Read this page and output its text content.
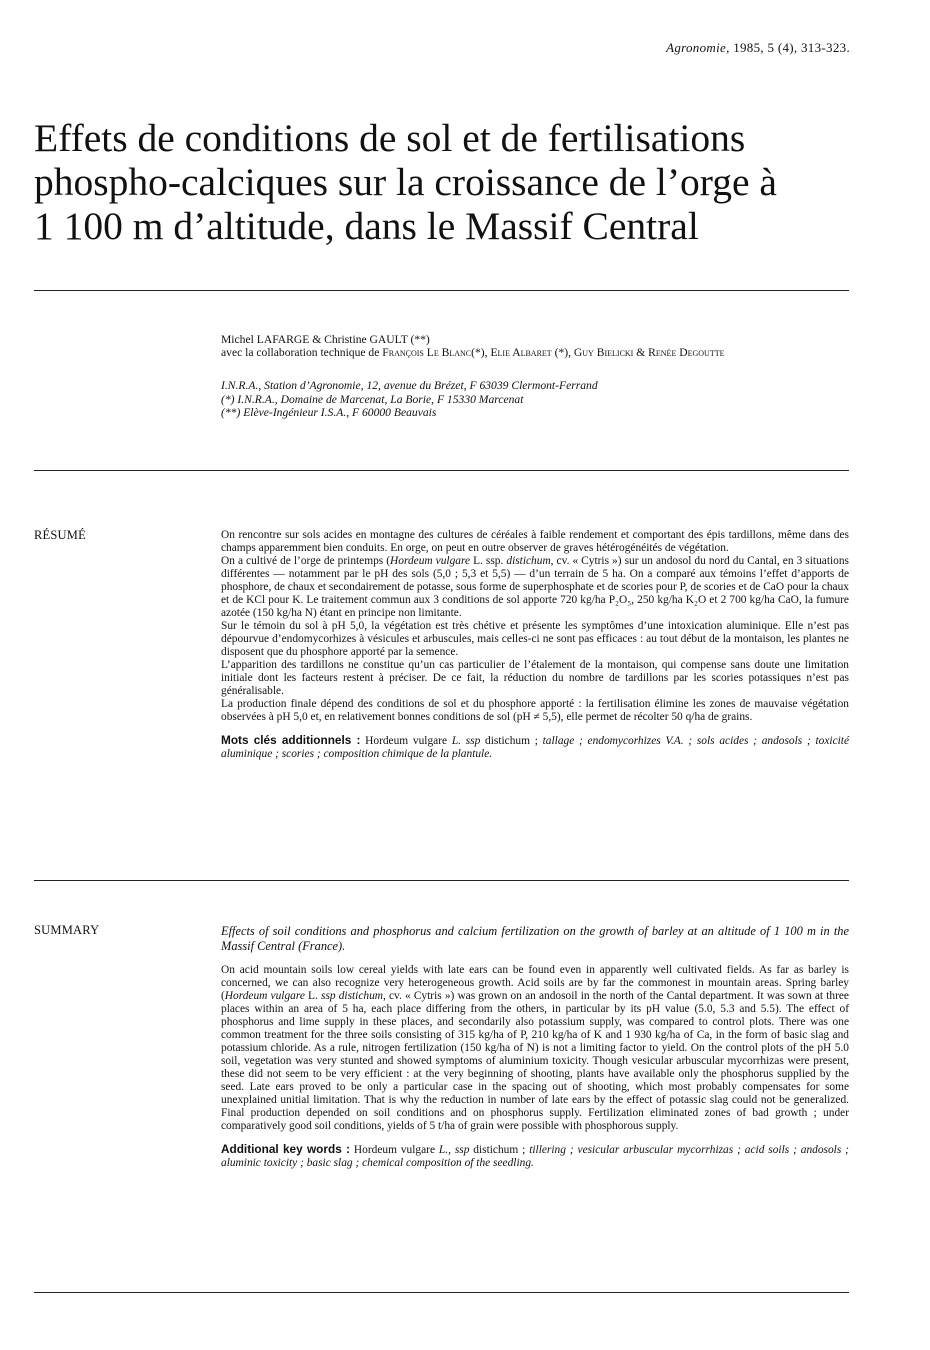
Agronomie, 1985, 5 (4), 313-323.
Effets de conditions de sol et de fertilisations
phospho-calciques sur la croissance de l’orge à
1 100 m d’altitude, dans le Massif Central
Michel LAFARGE & Christine GAULT (**)
avec la collaboration technique de François Le Blanc(*), Elie Albaret (*), Guy Bielicki & Renée Degoutte
I.N.R.A., Station d’Agronomie, 12, avenue du Brézet, F 63039 Clermont-Ferrand
(*) I.N.R.A., Domaine de Marcenat, La Borie, F 15330 Marcenat
(**) Elève-Ingénieur I.S.A., F 60000 Beauvais
RÉSUMÉ	On rencontre sur sols acides en montagne des cultures de céréales à faible rendement et comportant des épis tardillons, même dans des champs apparemment bien conduits. En orge, on peut en outre observer de graves hétérogénéités de végétation.

On a cultivé de l’orge de printemps (Hordeum vulgare L. ssp. distichum, cv. « Cytris ») sur un andosol du nord du Cantal, en 3 situations différentes — notamment par le pH des sols (5,0 ; 5,3 et 5,5) — d’un terrain de 5 ha. On a comparé aux témoins l’effet d’apports de phosphore, de chaux et secondairement de potasse, sous forme de superphosphate et de scories pour P, de scories et de CaO pour la chaux et de KCl pour K. Le traitement commun aux 3 conditions de sol apporte 720 kg/ha P₂O₅, 250 kg/ha K₂O et 2 700 kg/ha CaO, la fumure azotée (150 kg/ha N) étant en principe non limitante.

Sur le témoin du sol à pH 5,0, la végétation est très chétive et présente les symptômes d’une intoxication aluminique. Elle n’est pas dépourvue d’endomycorhizes à vésicules et arbuscules, mais celles-ci ne sont pas efficaces : au tout début de la montaison, les plantes ne disposent que du phosphore apporté par la semence.

L’apparition des tardillons ne constitue qu’un cas particulier de l’étalement de la montaison, qui compense sans doute une limitation initiale dont les facteurs restent à préciser. De ce fait, la réduction du nombre de tardillons par les scories potassiques n’est pas généralisable.

La production finale dépend des conditions de sol et du phosphore apporté : la fertilisation élimine les zones de mauvaise végétation observées à pH 5,0 et, en relativement bonnes conditions de sol (pH ≠ 5,5), elle permet de récolter 50 q/ha de grains.

Mots clés additionnels : Hordeum vulgare L. ssp distichum ; tallage ; endomycorhizes V.A. ; sols acides ; andosols ; toxicité aluminique ; scories ; composition chimique de la plantule.

SUMMARY	Effects of soil conditions and phosphorus and calcium fertilization on the growth of barley at an altitude of 1 100 m in the Massif Central (France).

On acid mountain soils low cereal yields with late ears can be found even in apparently well cultivated fields. As far as barley is concerned, we can also recognize very heterogeneous growth. Acid soils are by far the commonest in mountain areas. Spring barley (Hordeum vulgare L. ssp distichum, cv. « Cytris ») was grown on an andosoil in the north of the Cantal department. It was sown at three places within an area of 5 ha, each place differing from the others, in particular by its pH value (5.0, 5.3 and 5.5). The effect of phosphorus and lime supply in these places, and secondarily also potassium supply, was compared to control plots. There was one common treatment for the three soils consisting of 315 kg/ha of P, 210 kg/ha of K and 1 930 kg/ha of Ca, in the form of basic slag and potassium chloride. As a rule, nitrogen fertilization (150 kg/ha of N) is not a limiting factor to yield. On the control plots of the pH 5.0 soil, vegetation was very stunted and showed symptoms of aluminium toxicity. Though vesicular arbuscular mycorrhizas were present, these did not seem to be very efficient : at the very beginning of shooting, plants have available only the phosphorus supplied by the seed. Late ears proved to be only a particular case in the spacing out of shooting, which most probably compensates for some unexplained unitial limitation. That is why the reduction in number of late ears by the effect of potassic slag could not be generalized. Final production depended on soil conditions and on phosphorus supply. Fertilization eliminated zones of bad growth ; under comparatively good soil conditions, yields of 5 t/ha of grain were possible with phosphorous supply.

Additional key words : Hordeum vulgare L., ssp distichum ; tillering ; vesicular arbuscular mycorrhizas ; acid soils ; andosols ; aluminic toxicity ; basic slag ; chemical composition of the seedling.
